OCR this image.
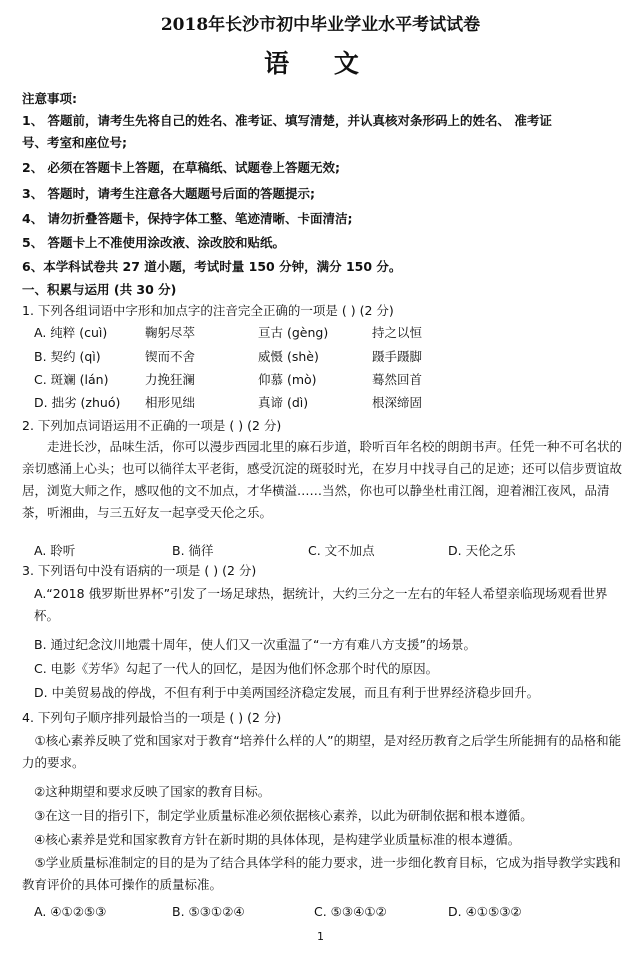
2018年长沙市初中毕业学业水平考试试卷
语 文
注意事项:
1、 答题前，请考生先将自己的姓名、准考证、填写清楚，并认真核对条形码上的姓名、 准考证
号、考室和座位号;
2、 必须在答题卡上答题，在草稿纸、试题卷上答题无效;
3、 答题时，请考生注意各大题题号后面的答题提示;
4、 请勿折叠答题卡，保持字体工整、笔迹清晰、卡面清洁;
5、 答题卡上不准使用涂改液、涂改胶和贴纸。
6、本学科试卷共 27 道小题，考试时量 150 分钟，满分 150 分。
一、积累与运用 (共 30 分)
1. 下列各组词语中字形和加点字的注音完全正确的一项是 ( ) (2 分)
A. 纯粹 (cuì)	鞠躬尽萃	亘古 (gèng)	持之以恒
B. 契约 (qì)	锲而不舍	威慑 (shè)	蹑手蹑脚
C. 斑斓 (lán)	力挽狂澜	仰慕 (mò)	蓦然回首
D. 拙劣 (zhuó) 相形见绌	真谛 (dì)	根深缔固
2. 下列加点词语运用不正确的一项是 ( ) (2 分)
走进长沙，品味生活，你可以漫步西园北里的麻石步道，聆听百年名校的朗朗书声。任凭一种不可名状的亲切感涌上心头；也可以徜徉太平老街，感受沉淀的斑驳时光，在岁月中找寻自己的足迹；还可以信步贾谊故居，浏览大师之作，感叹他的文不加点，才华横溢……当然，你也可以静坐杜甫江阁，迎着湘江夜风，品清茶，听湘曲，与三五好友一起享受天伦之乐。
A. 聆听	B. 徜徉	C. 文不加点	D. 天伦之乐
3. 下列语句中没有语病的一项是 ( ) (2 分)
A.“2018 俄罗斯世界杯”引发了一场足球热，据统计，大约三分之一左右的年轻人希望亲临现场观看世界杯。
B. 通过纪念汶川地震十周年，使人们又一次重温了“一方有难八方支援”的场景。
C. 电影《芳华》勾起了一代人的回忆，是因为他们怀念那个时代的原因。
D. 中美贸易战的停战，不但有利于中美两国经济稳定发展，而且有利于世界经济稳步回升。
4. 下列句子顺序排列最恰当的一项是 ( ) (2 分)
①核心素养反映了党和国家对于教育“培养什么样的人”的期望，是对经历教育之后学生所能拥有的品格和能力的要求。
②这种期望和要求反映了国家的教育目标。
③在这一目的指引下，制定学业质量标准必须依据核心素养，以此为研制依据和根本遵循。
④核心素养是党和国家教育方针在新时期的具体体现，是构建学业质量标准的根本遵循。
⑤学业质量标准制定的目的是为了结合具体学科的能力要求，进一步细化教育目标，它成为指导教学实践和教育评价的具体可操作的质量标准。
A. ④①②⑤③	B. ⑤③①②④	C. ⑤③④①②	D. ④①⑤③②
1
